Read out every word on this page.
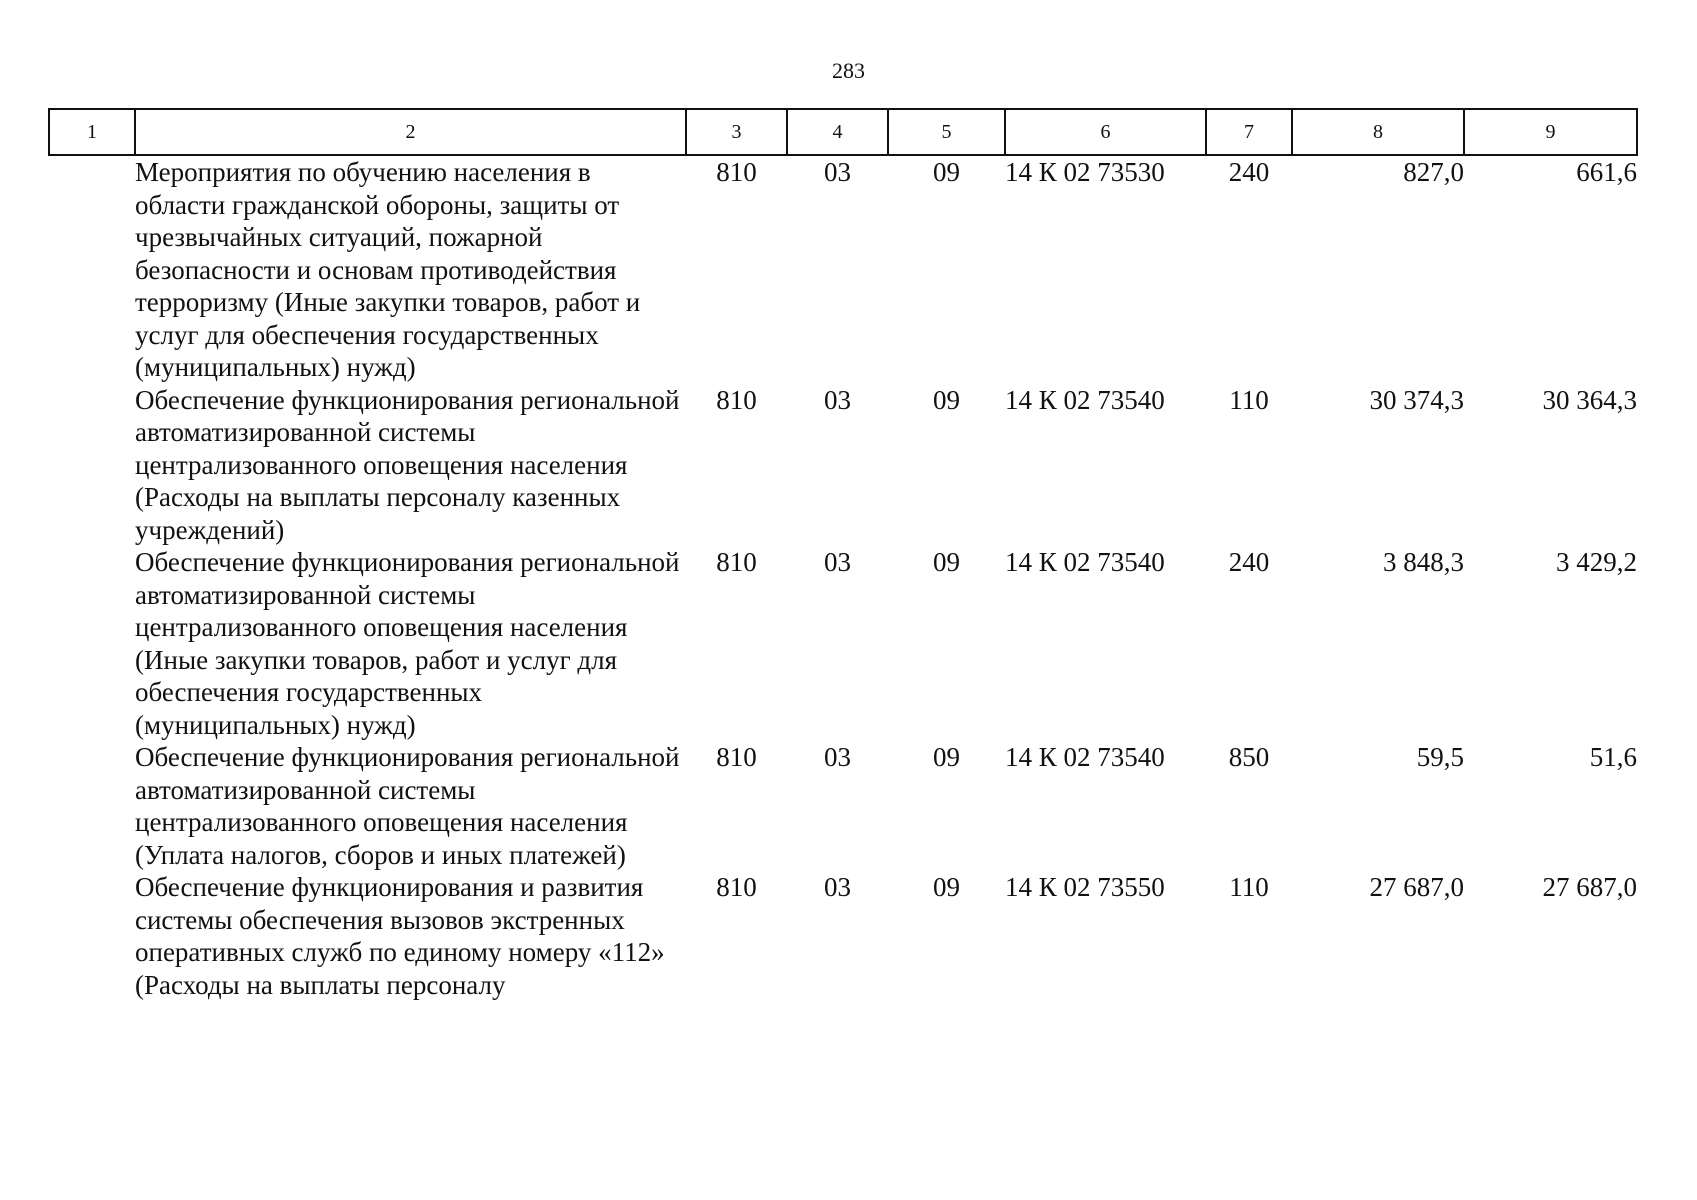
283
1	2	3	4	5	6	7	8	9
	Мероприятия по обучению населения в области гражданской обороны, защиты от чрезвычайных ситуаций, пожарной безопасности и основам противодействия терроризму (Иные закупки товаров, работ и услуг для обеспечения государственных (муниципальных) нужд)	810	03	09	14 К 02 73530	240	827,0	661,6
	Обеспечение функционирования региональной автоматизированной системы централизованного оповещения населения (Расходы на выплаты персоналу казенных учреждений)	810	03	09	14 К 02 73540	110	30 374,3	30 364,3
	Обеспечение функционирования региональной автоматизированной системы централизованного оповещения населения (Иные закупки товаров, работ и услуг для обеспечения государственных (муниципальных) нужд)	810	03	09	14 К 02 73540	240	3 848,3	3 429,2
	Обеспечение функционирования региональной автоматизированной системы централизованного оповещения населения (Уплата налогов, сборов и иных платежей)	810	03	09	14 К 02 73540	850	59,5	51,6
	Обеспечение функционирования и развития системы обеспечения вызовов экстренных оперативных служб по единому номеру «112» (Расходы на выплаты персоналу	810	03	09	14 К 02 73550	110	27 687,0	27 687,0
